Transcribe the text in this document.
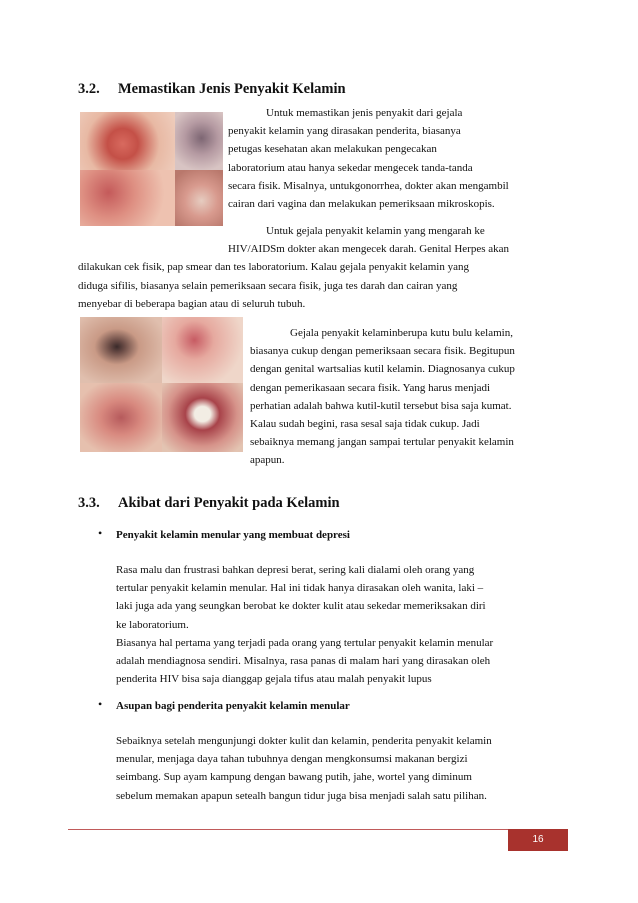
3.2. Memastikan Jenis Penyakit Kelamin
Untuk memastikan jenis penyakit dari gejala
penyakit kelamin yang dirasakan penderita, biasanya
petugas kesehatan akan melakukan pengecakan
laboratorium atau hanya sekedar mengecek tanda-tanda
secara fisik. Misalnya, untukgonorrhea, dokter akan mengambil
cairan dari vagina dan melakukan pemeriksaan mikroskopis.
Untuk gejala penyakit kelamin yang mengarah ke
HIV/AIDSm dokter akan mengecek darah. Genital Herpes akan
dilakukan cek fisik, pap smear dan tes laboratorium. Kalau gejala penyakit kelamin yang
diduga sifilis, biasanya selain pemeriksaan secara fisik, juga tes darah dan cairan yang
menyebar di beberapa bagian atau di seluruh tubuh.
Gejala penyakit kelaminberupa kutu bulu kelamin,
biasanya cukup dengan pemeriksaan secara fisik. Begitupun
dengan genital wartsalias kutil kelamin. Diagnosanya cukup
dengan pemerikasaan secara fisik. Yang harus menjadi
perhatian adalah bahwa kutil-kutil tersebut bisa saja kumat.
Kalau sudah begini, rasa sesal saja tidak cukup. Jadi
sebaiknya memang jangan sampai tertular penyakit kelamin
apapun.
3.3. Akibat dari Penyakit pada Kelamin
• Penyakit kelamin menular yang membuat depresi
Rasa malu dan frustrasi bahkan depresi berat, sering kali dialami oleh orang yang
tertular penyakit kelamin menular. Hal ini tidak hanya dirasakan oleh wanita, laki –
laki juga ada yang seungkan berobat ke dokter kulit atau sekedar memeriksakan diri
ke laboratorium.
Biasanya hal pertama yang terjadi pada orang yang tertular penyakit kelamin menular
adalah mendiagnosa sendiri. Misalnya, rasa panas di malam hari yang dirasakan oleh
penderita HIV bisa saja dianggap gejala tifus atau malah penyakit lupus
• Asupan bagi penderita penyakit kelamin menular
Sebaiknya setelah mengunjungi dokter kulit dan kelamin, penderita penyakit kelamin
menular, menjaga daya tahan tubuhnya dengan mengkonsumsi makanan bergizi
seimbang. Sup ayam kampung dengan bawang putih, jahe, wortel yang diminum
sebelum memakan apapun setealh bangun tidur juga bisa menjadi salah satu pilihan.
16
